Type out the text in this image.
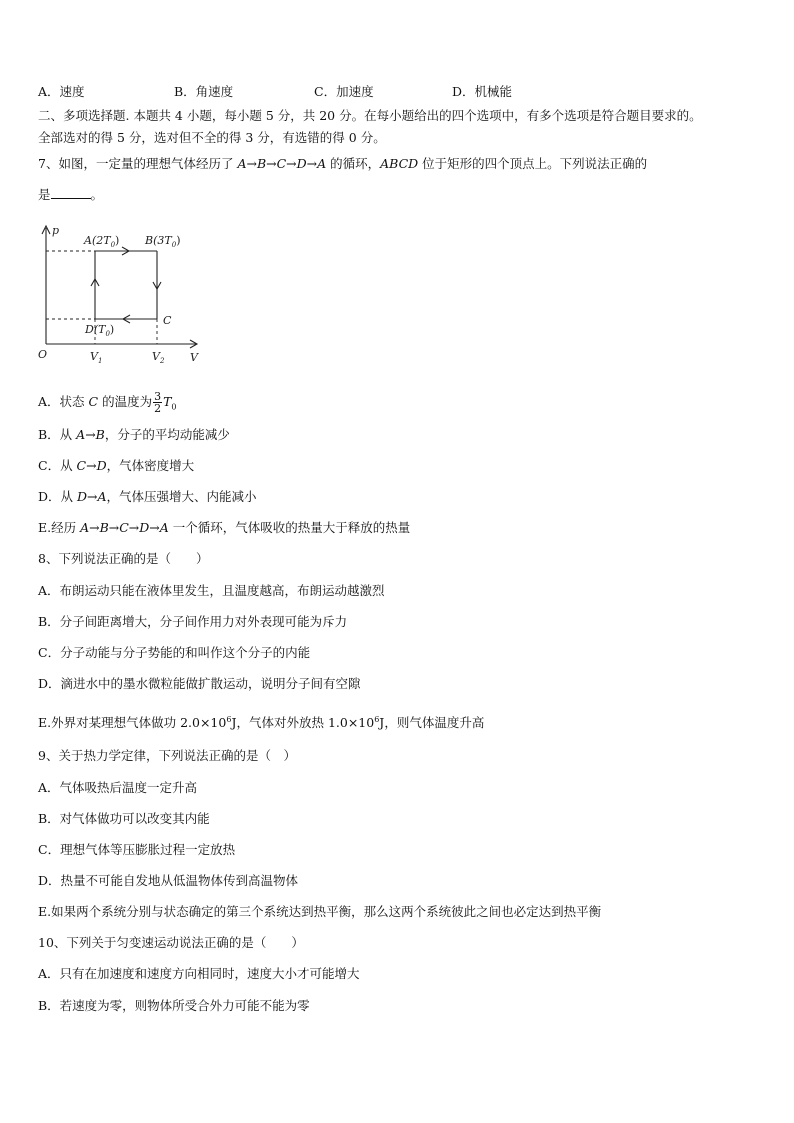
A．速度	B．角速度	C．加速度	D．机械能
二、多项选择题. 本题共 4 小题，每小题 5 分，共 20 分。在每小题给出的四个选项中，有多个选项是符合题目要求的。
全部选对的得 5 分，选对但不全的得 3 分，有选错的得 0 分。
7、如图，一定量的理想气体经历了 A→B→C→D→A 的循环，ABCD 位于矩形的四个顶点上。下列说法正确的
是	。
p
V
O
$A(2T_0)$ $B(3T_0)$
C
$D(T_0)$
$V_1$	$V_2$
A．状态 C 的温度为 $\frac{3}{2} T_0$
B．从 A→B，分子的平均动能减少
C．从 C→D，气体密度增大
D．从 D→A，气体压强增大、内能减小
E.经历 A→B→C→D→A 一个循环，气体吸收的热量大于释放的热量
8、下列说法正确的是（　　）
A．布朗运动只能在液体里发生，且温度越高，布朗运动越激烈
B．分子间距离增大，分子间作用力对外表现可能为斥力
C．分子动能与分子势能的和叫作这个分子的内能
D．滴进水中的墨水微粒能做扩散运动，说明分子间有空隙
E.外界对某理想气体做功 $2.0\times 10^6J$，气体对外放热 $1.0\times 10^6J$，则气体温度升高
9、关于热力学定律，下列说法正确的是（　）
A．气体吸热后温度一定升高
B．对气体做功可以改变其内能
C．理想气体等压膨胀过程一定放热
D．热量不可能自发地从低温物体传到高温物体
E.如果两个系统分别与状态确定的第三个系统达到热平衡，那么这两个系统彼此之间也必定达到热平衡
10、下列关于匀变速运动说法正确的是（　　）
A．只有在加速度和速度方向相同时，速度大小才可能增大
B．若速度为零，则物体所受合外力可能不能为零
